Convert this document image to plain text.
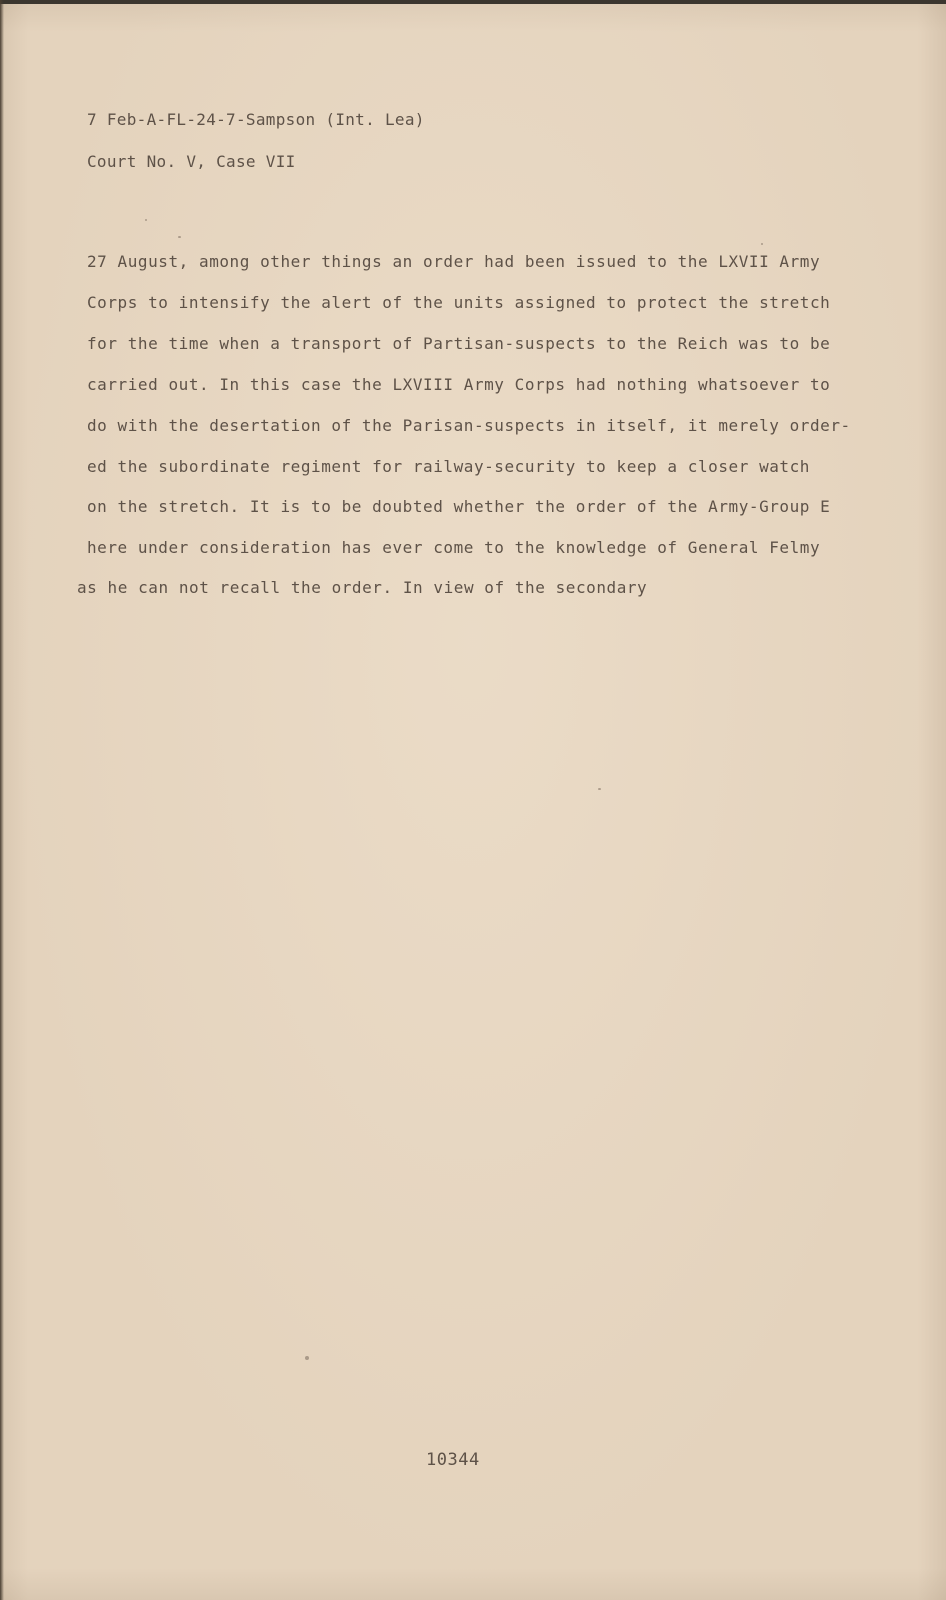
7 Feb-A-FL-24-7-Sampson (Int. Lea)
Court No. V, Case VII
27 August, among other things an order had been issued to the LXVII Army
Corps to intensify the alert of the units assigned to protect the stretch
for the time when a transport of Partisan-suspects to the Reich was to be
carried out. In this case the LXVIII Army Corps had nothing whatsoever to
do with the desertation of the Parisan-suspects in itself, it merely order-
ed the subordinate regiment for railway-security to keep a closer watch
on the stretch. It is to be doubted whether the order of the Army-Group E
here under consideration has ever come to the knowledge of General Felmy
as he can not recall the order. In view of the secondary
10344
